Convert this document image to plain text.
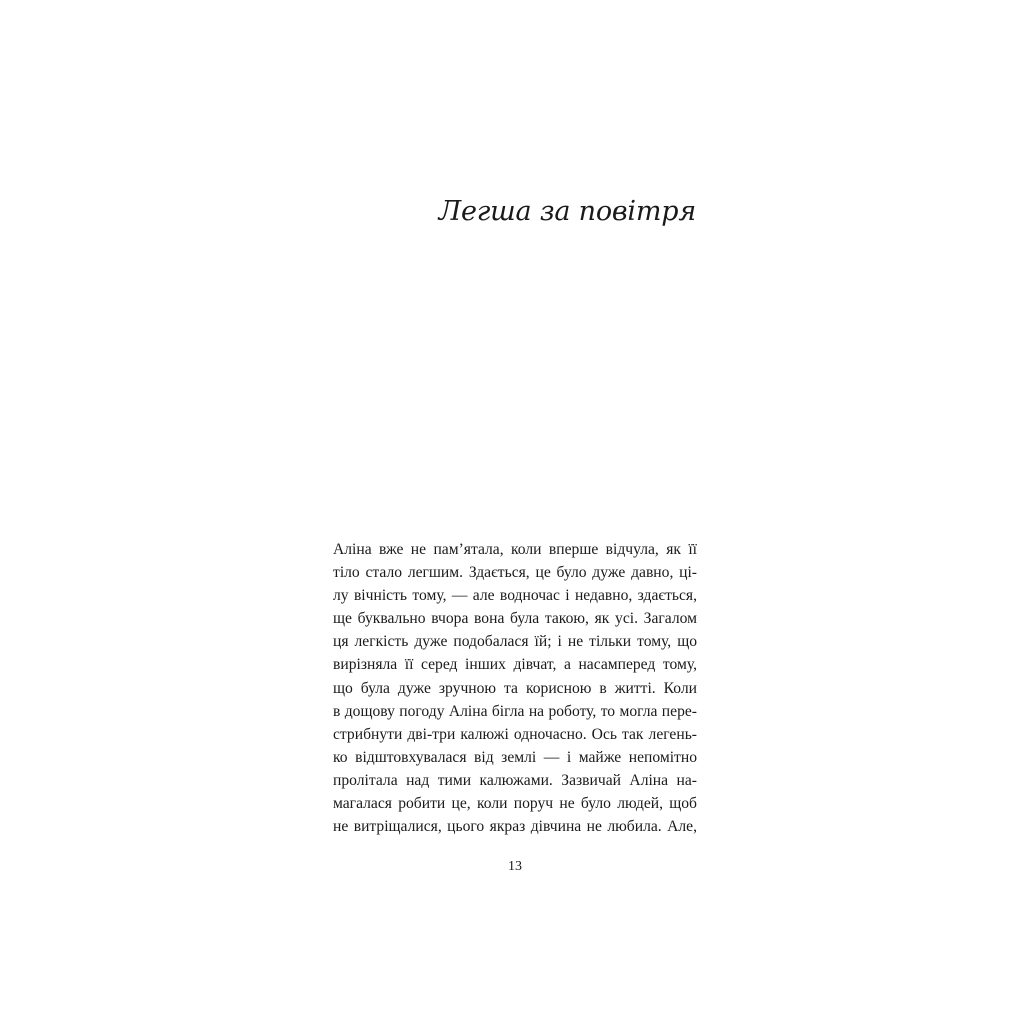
Легша за повітря
Аліна вже не пам’ятала, коли вперше відчула, як її
тіло стало легшим. Здається, це було дуже давно, ці-
лу вічність тому, — але водночас і недавно, здається,
ще буквально вчора вона була такою, як усі. Загалом
ця легкість дуже подобалася їй; і не тільки тому, що
вирізняла її серед інших дівчат, а насамперед тому,
що була дуже зручною та корисною в житті. Коли
в дощову погоду Аліна бігла на роботу, то могла пере-
стрибнути дві-три калюжі одночасно. Ось так легень-
ко відштовхувалася від землі — і майже непомітно
пролітала над тими калюжами. Зазвичай Аліна на-
магалася робити це, коли поруч не було людей, щоб
не витріщалися, цього якраз дівчина не любила. Але,
13
